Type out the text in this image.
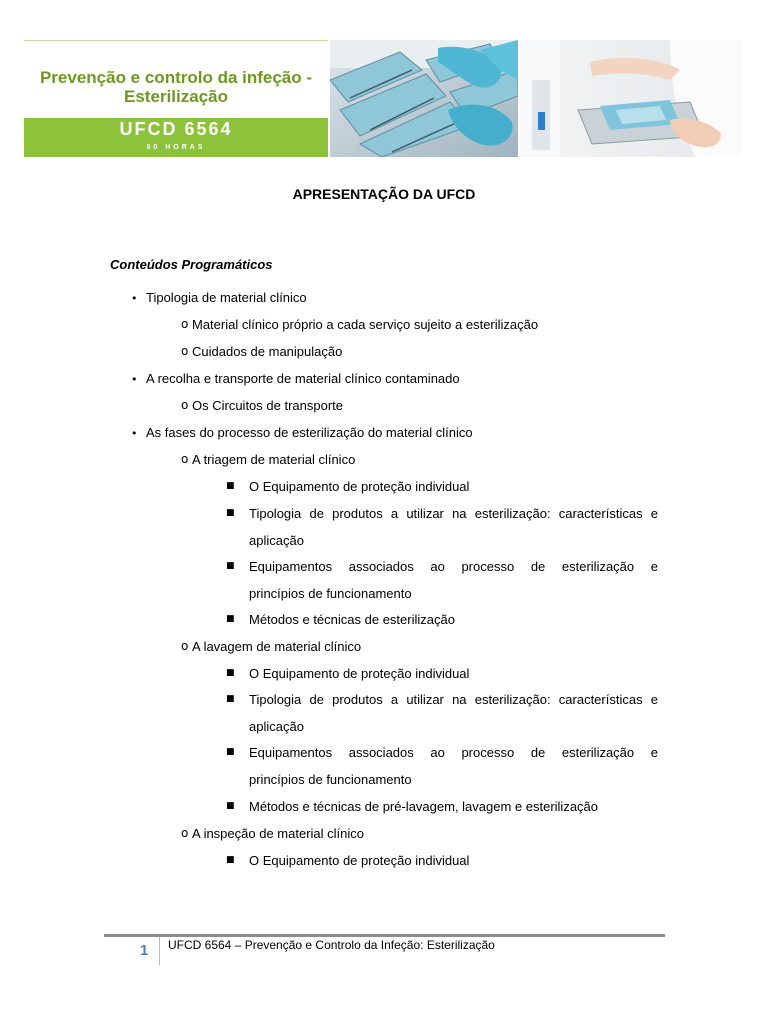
Prevenção e controlo da infeção -
Esterilização
UFCD 6564
50 HORAS
APRESENTAÇÃO DA UFCD
Conteúdos Programáticos
• Tipologia de material clínico
o Material clínico próprio a cada serviço sujeito a esterilização
o Cuidados de manipulação
• A recolha e transporte de material clínico contaminado
o Os Circuitos de transporte
• As fases do processo de esterilização do material clínico
o A triagem de material clínico
■ O Equipamento de proteção individual
■ Tipologia de produtos a utilizar na esterilização: características e
aplicação
■ Equipamentos associados ao processo de esterilização e
princípios de funcionamento
■ Métodos e técnicas de esterilização
o A lavagem de material clínico
■ O Equipamento de proteção individual
■ Tipologia de produtos a utilizar na esterilização: características e
aplicação
■ Equipamentos associados ao processo de esterilização e
princípios de funcionamento
■ Métodos e técnicas de pré-lavagem, lavagem e esterilização
o A inspeção de material clínico
■ O Equipamento de proteção individual
1 UFCD 6564 – Prevenção e Controlo da Infeção: Esterilização
